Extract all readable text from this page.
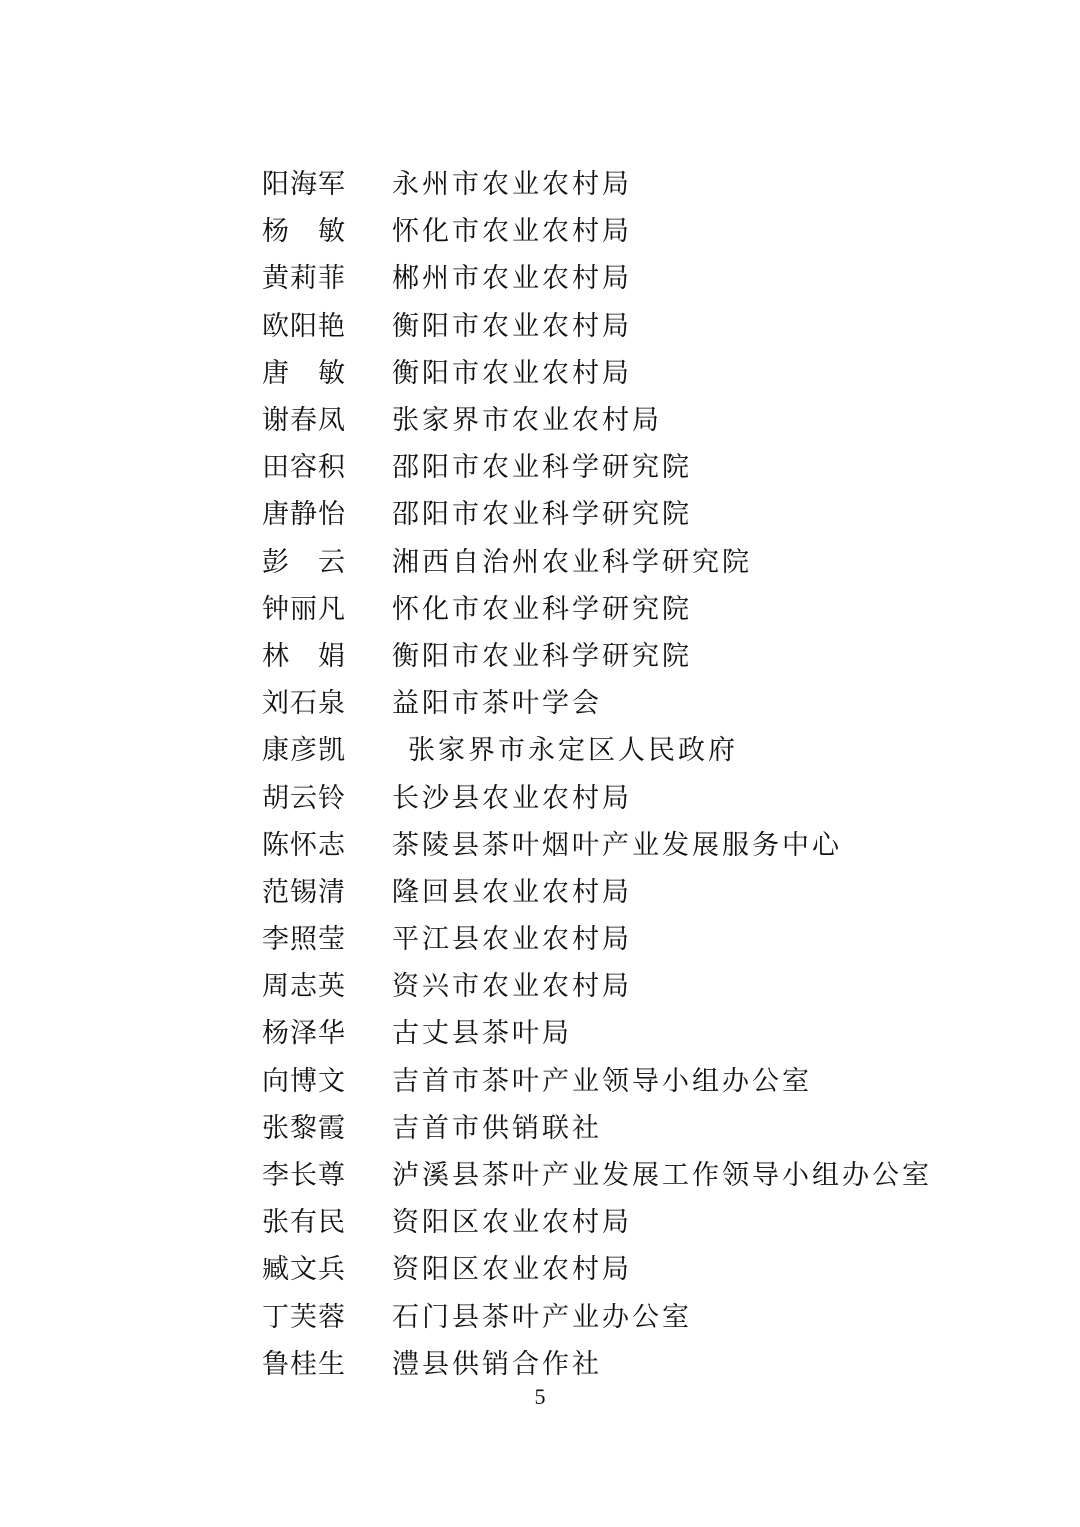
阳海军 永州市农业农村局
杨 敏 怀化市农业农村局
黄莉菲 郴州市农业农村局
欧阳艳 衡阳市农业农村局
唐 敏 衡阳市农业农村局
谢春凤 张家界市农业农村局
田容积 邵阳市农业科学研究院
唐静怡 邵阳市农业科学研究院
彭 云 湘西自治州农业科学研究院
钟丽凡 怀化市农业科学研究院
林 娟 衡阳市农业科学研究院
刘石泉 益阳市茶叶学会
康彦凯	张家界市永定区人民政府
胡云铃 长沙县农业农村局
陈怀志 茶陵县茶叶烟叶产业发展服务中心
范锡清 隆回县农业农村局
李照莹 平江县农业农村局
周志英 资兴市农业农村局
杨泽华 古丈县茶叶局
向博文 吉首市茶叶产业领导小组办公室
张黎霞 吉首市供销联社
李长尊 泸溪县茶叶产业发展工作领导小组办公室
张有民 资阳区农业农村局
臧文兵 资阳区农业农村局
丁芙蓉 石门县茶叶产业办公室
鲁桂生 澧县供销合作社
5
